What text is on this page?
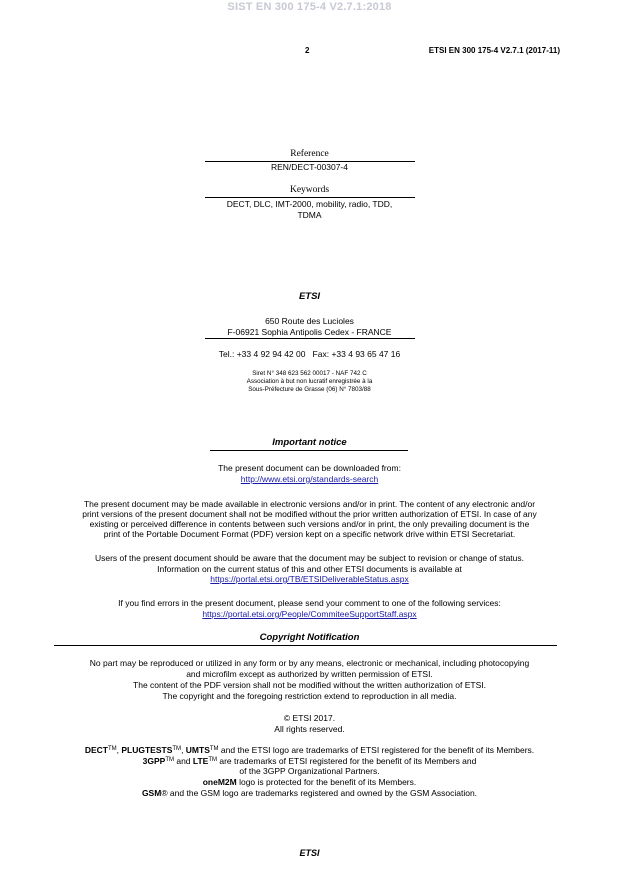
SIST EN 300 175-4 V2.7.1:2018
2	ETSI EN 300 175-4 V2.7.1 (2017-11)
Reference
REN/DECT-00307-4
Keywords
DECT, DLC, IMT-2000, mobility, radio, TDD,
TDMA
ETSI
650 Route des Lucioles
F-06921 Sophia Antipolis Cedex - FRANCE
Tel.: +33 4 92 94 42 00   Fax: +33 4 93 65 47 16
Siret N° 348 623 562 00017 - NAF 742 C
Association à but non lucratif enregistrée à la
Sous-Préfecture de Grasse (06) N° 7803/88
Important notice
The present document can be downloaded from:
http://www.etsi.org/standards-search
The present document may be made available in electronic versions and/or in print. The content of any electronic and/or
print versions of the present document shall not be modified without the prior written authorization of ETSI. In case of any
existing or perceived difference in contents between such versions and/or in print, the only prevailing document is the
print of the Portable Document Format (PDF) version kept on a specific network drive within ETSI Secretariat.
Users of the present document should be aware that the document may be subject to revision or change of status.
Information on the current status of this and other ETSI documents is available at
https://portal.etsi.org/TB/ETSIDeliverableStatus.aspx
If you find errors in the present document, please send your comment to one of the following services:
https://portal.etsi.org/People/CommiteeSupportStaff.aspx
Copyright Notification
No part may be reproduced or utilized in any form or by any means, electronic or mechanical, including photocopying
and microfilm except as authorized by written permission of ETSI.
The content of the PDF version shall not be modified without the written authorization of ETSI.
The copyright and the foregoing restriction extend to reproduction in all media.
© ETSI 2017.
All rights reserved.
DECT™, PLUGTESTS™, UMTS™ and the ETSI logo are trademarks of ETSI registered for the benefit of its Members.
3GPP™ and LTE™ are trademarks of ETSI registered for the benefit of its Members and
of the 3GPP Organizational Partners.
oneM2M logo is protected for the benefit of its Members.
GSM® and the GSM logo are trademarks registered and owned by the GSM Association.
ETSI
